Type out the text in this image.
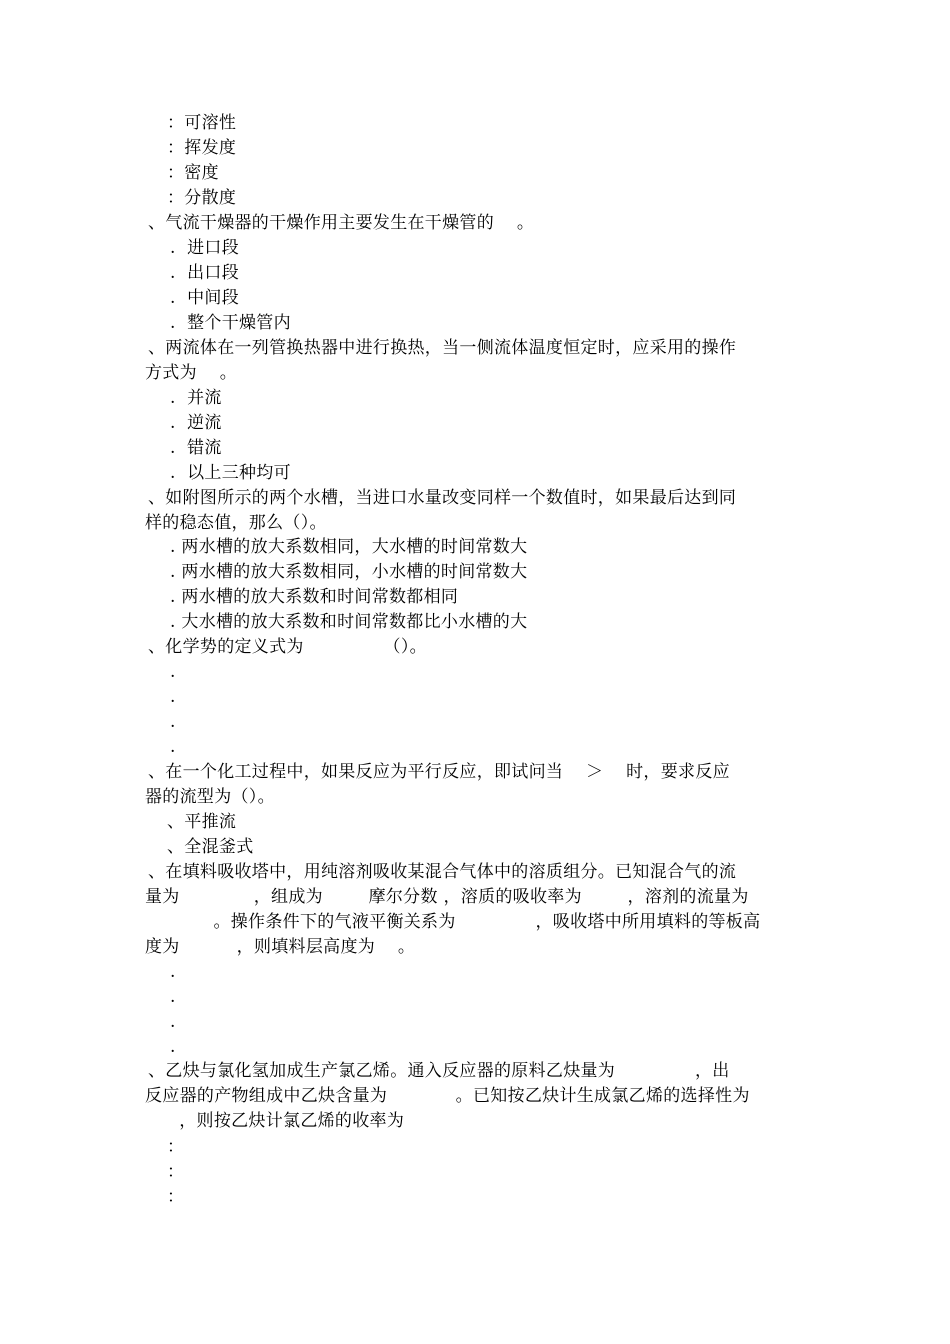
：可溶性
：挥发度
：密度
：分散度
、气流干燥器的干燥作用主要发生在干燥管的    。
.  进口段
.  出口段
.  中间段
.  整个干燥管内
、两流体在一列管换热器中进行换热，当一侧流体温度恒定时，应采用的操作
方式为    。
.  并流
.  逆流
.  错流
.  以上三种均可
、如附图所示的两个水槽，当进口水量改变同样一个数值时，如果最后达到同
样的稳态值，那么（）。
. 两水槽的放大系数相同，大水槽的时间常数大
. 两水槽的放大系数相同，小水槽的时间常数大
. 两水槽的放大系数和时间常数都相同
. 大水槽的放大系数和时间常数都比小水槽的大
、化学势的定义式为              （）。
.
.
.
.
、在一个化工过程中，如果反应为平行反应，即试问当    ＞    时，要求反应
器的流型为（）。
、平推流
、全混釜式
、在填料吸收塔中，用纯溶剂吸收某混合气体中的溶质组分。已知混合气的流
量为             ，组成为        摩尔分数 ，溶质的吸收率为        ，溶剂的流量为
。操作条件下的气液平衡关系为              ，吸收塔中所用填料的等板高
度为          ，则填料层高度为    。
.
.
.
.
、乙炔与氯化氢加成生产氯乙烯。通入反应器的原料乙炔量为              ，出
反应器的产物组成中乙炔含量为            。已知按乙炔计生成氯乙烯的选择性为
，则按乙炔计氯乙烯的收率为
：
：
：
